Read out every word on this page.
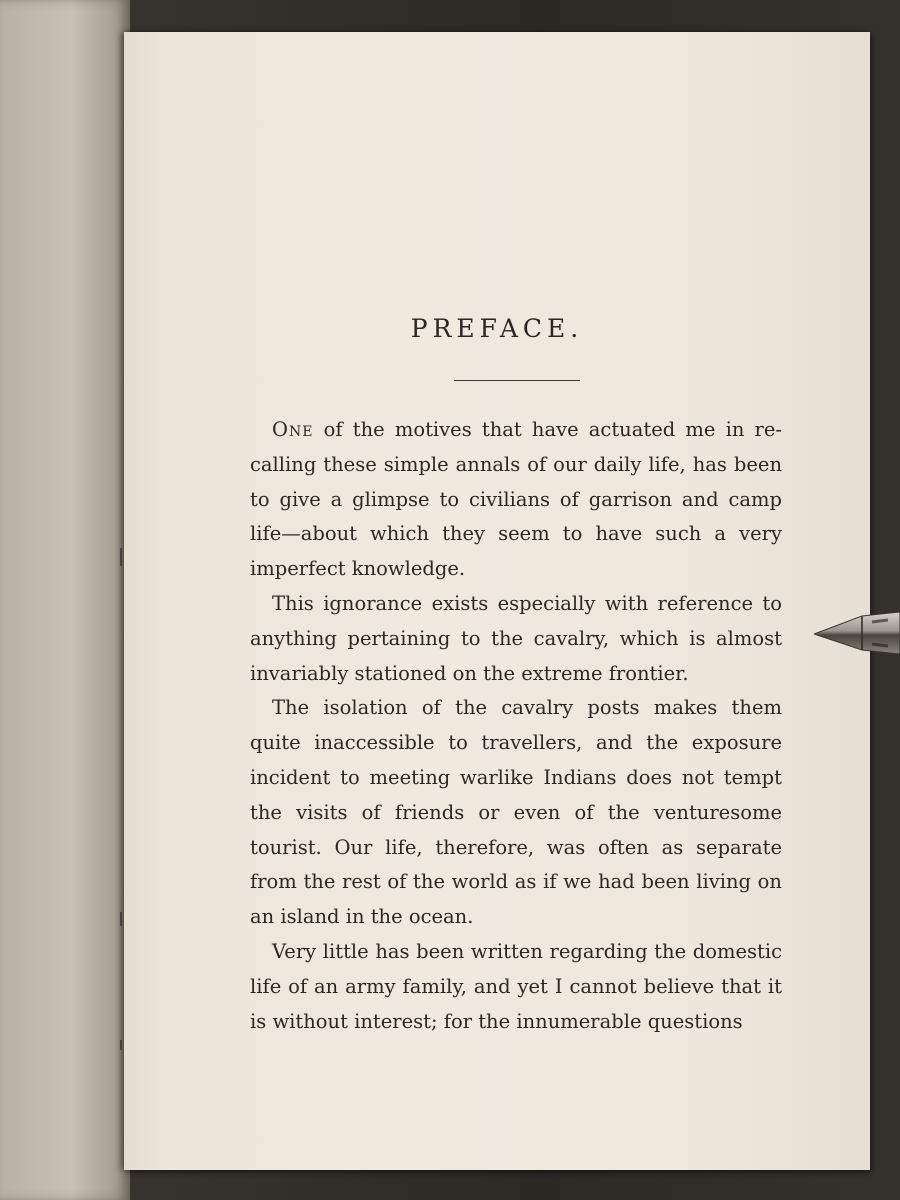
PREFACE.

One of the motives that have actuated me in re-calling these simple annals of our daily life, has been to give a glimpse to civilians of garrison and camp life—about which they seem to have such a very imperfect knowledge.

This ignorance exists especially with reference to anything pertaining to the cavalry, which is almost invariably stationed on the extreme frontier.

The isolation of the cavalry posts makes them quite inaccessible to travellers, and the exposure incident to meeting warlike Indians does not tempt the visits of friends or even of the venturesome tourist. Our life, therefore, was often as separate from the rest of the world as if we had been living on an island in the ocean.

Very little has been written regarding the domestic life of an army family, and yet I cannot believe that it is without interest; for the innumerable questions
